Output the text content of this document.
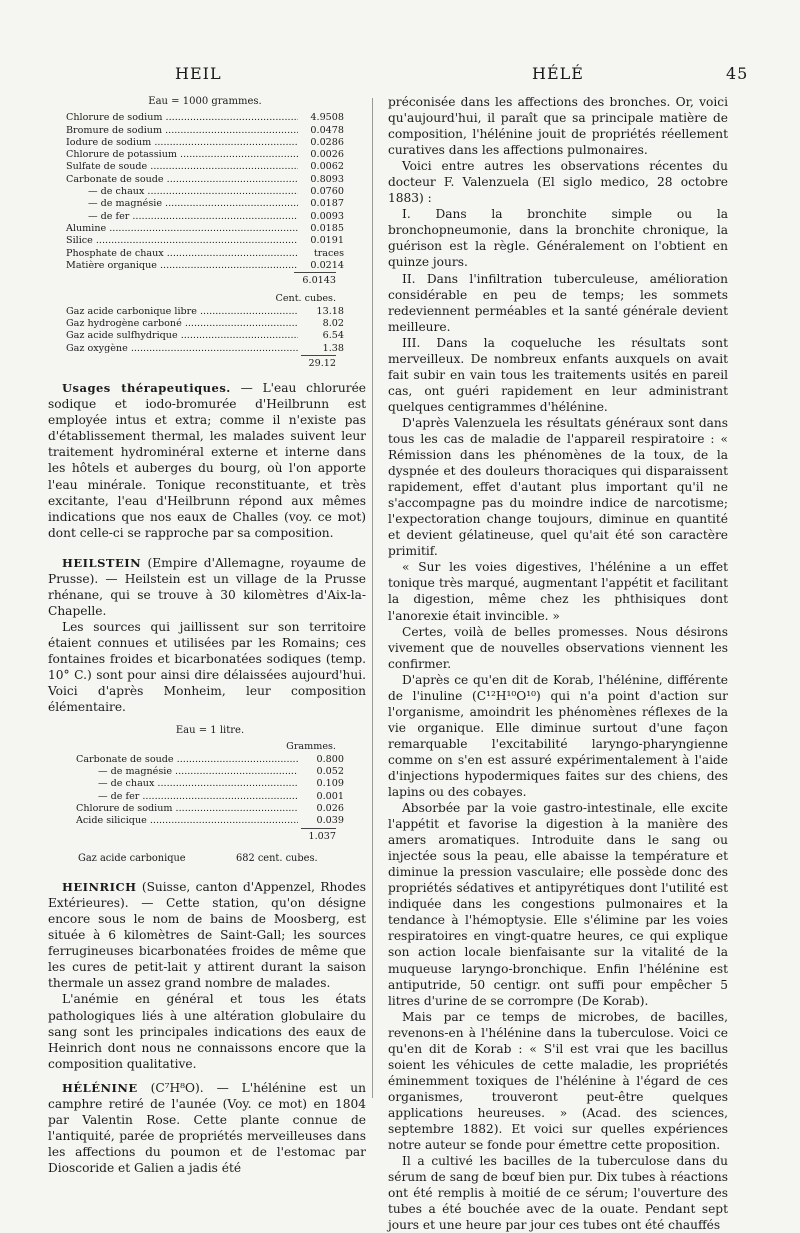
HEIL	HÉLÉ	45
Eau = 1000 grammes.
Chlorure de sodium .....	4.9508
Bromure de sodium .....	0.0478
Iodure de sodium .....	0.0286
Chlorure de potassium .....	0.0026
Sulfate de soude .....	0.0062
Carbonate de soude .....	0.8093
— de chaux .....	0.0760
— de magnésie .....	0.0187
— de fer .....	0.0093
Alumine .....	0.0185
Silice .....	0.0191
Phosphate de chaux .....	traces
Matière organique .....	0.0214
6.0143
Cent. cubes.
Gaz acide carbonique libre .....	13.18
Gaz hydrogène carboné .....	8.02
Gaz acide sulfhydrique .....	6.54
Gaz oxygène .....	1.38
29.12

Usages thérapeutiques. — L'eau chlorurée sodique et iodo-bromurée d'Heilbrunn est employée intus et extra; comme il n'existe pas d'établissement thermal, les malades suivent leur traitement hydrominéral externe et interne dans les hôtels et auberges du bourg, où l'on apporte l'eau minérale. Tonique reconstituante, et très excitante, l'eau d'Heilbrunn répond aux mêmes indications que nos eaux de Challes (voy. ce mot) dont celle-ci se rapproche par sa composition.

HEILSTEIN (Empire d'Allemagne, royaume de Prusse). — Heilstein est un village de la Prusse rhénane, qui se trouve à 30 kilomètres d'Aix-la-Chapelle.

Les sources qui jaillissent sur son territoire étaient connues et utilisées par les Romains; ces fontaines froides et bicarbonatées sodiques (temp. 10° C.) sont pour ainsi dire délaissées aujourd'hui. Voici d'après Monheim, leur composition élémentaire.

Eau = 1 litre.
Grammes.
Carbonate de soude .....	0.800
— de magnésie .....	0.052
— de chaux .....	0.109
— de fer .....	0.001
Chlorure de sodium .....	0.026
Acide silicique .....	0.039
1.037
Gaz acide carbonique	682 cent. cubes.

HEINRICH (Suisse, canton d'Appenzel, Rhodes Extérieures). — Cette station, qu'on désigne encore sous le nom de bains de Moosberg, est située à 6 kilomètres de Saint-Gall; les sources ferrugineuses bicarbonatées froides de même que les cures de petit-lait y attirent durant la saison thermale un assez grand nombre de malades.

L'anémie en général et tous les états pathologiques liés à une altération globulaire du sang sont les principales indications des eaux de Heinrich dont nous ne connaissons encore que la composition qualitative.

HÉLÉNINE (C⁷H⁸O). — L'hélénine est un camphre retiré de l'aunée (Voy. ce mot) en 1804 par Valentin Rose. Cette plante connue de l'antiquité, parée de propriétés merveilleuses dans les affections du poumon et de l'estomac par Dioscoride et Galien a jadis été

préconisée dans les affections des bronches. Or, voici qu'aujourd'hui, il paraît que sa principale matière de composition, l'hélénine jouit de propriétés réellement curatives dans les affections pulmonaires.

Voici entre autres les observations récentes du docteur F. Valenzuela (El siglo medico, 28 octobre 1883) :

I. Dans la bronchite simple ou la bronchopneumonie, dans la bronchite chronique, la guérison est la règle. Généralement on l'obtient en quinze jours.

II. Dans l'infiltration tuberculeuse, amélioration considérable en peu de temps; les sommets redeviennent perméables et la santé générale devient meilleure.

III. Dans la coqueluche les résultats sont merveilleux. De nombreux enfants auxquels on avait fait subir en vain tous les traitements usités en pareil cas, ont guéri rapidement en leur administrant quelques centigrammes d'hélénine.

D'après Valenzuela les résultats généraux sont dans tous les cas de maladie de l'appareil respiratoire : « Rémission dans les phénomènes de la toux, de la dyspnée et des douleurs thoraciques qui disparaissent rapidement, effet d'autant plus important qu'il ne s'accompagne pas du moindre indice de narcotisme; l'expectoration change toujours, diminue en quantité et devient gélatineuse, quel qu'ait été son caractère primitif.

« Sur les voies digestives, l'hélénine a un effet tonique très marqué, augmentant l'appétit et facilitant la digestion, même chez les phthisiques dont l'anorexie était invincible. »

Certes, voilà de belles promesses. Nous désirons vivement que de nouvelles observations viennent les confirmer.

D'après ce qu'en dit de Korab, l'hélénine, différente de l'inuline (C¹²H¹⁰O¹⁰) qui n'a point d'action sur l'organisme, amoindrit les phénomènes réflexes de la vie organique. Elle diminue surtout d'une façon remarquable l'excitabilité laryngo-pharyngienne comme on s'en est assuré expérimentalement à l'aide d'injections hypodermiques faites sur des chiens, des lapins ou des cobayes.

Absorbée par la voie gastro-intestinale, elle excite l'appétit et favorise la digestion à la manière des amers aromatiques. Introduite dans le sang ou injectée sous la peau, elle abaisse la température et diminue la pression vasculaire; elle possède donc des propriétés sédatives et antipyrétiques dont l'utilité est indiquée dans les congestions pulmonaires et la tendance à l'hémoptysie. Elle s'élimine par les voies respiratoires en vingt-quatre heures, ce qui explique son action locale bienfaisante sur la vitalité de la muqueuse laryngo-bronchique. Enfin l'hélénine est antiputride, 50 centigr. ont suffi pour empêcher 5 litres d'urine de se corrompre (De Korab).

Mais par ce temps de microbes, de bacilles, revenons-en à l'hélénine dans la tuberculose. Voici ce qu'en dit de Korab : « S'il est vrai que les bacillus soient les véhicules de cette maladie, les propriétés éminemment toxiques de l'hélénine à l'égard de ces organismes, trouveront peut-être quelques applications heureuses. » (Acad. des sciences, septembre 1882). Et voici sur quelles expériences notre auteur se fonde pour émettre cette proposition.

Il a cultivé les bacilles de la tuberculose dans du sérum de sang de bœuf bien pur. Dix tubes à réactions ont été remplis à moitié de ce sérum; l'ouverture des tubes a été bouchée avec de la ouate. Pendant sept jours et une heure par jour ces tubes ont été chauffés
